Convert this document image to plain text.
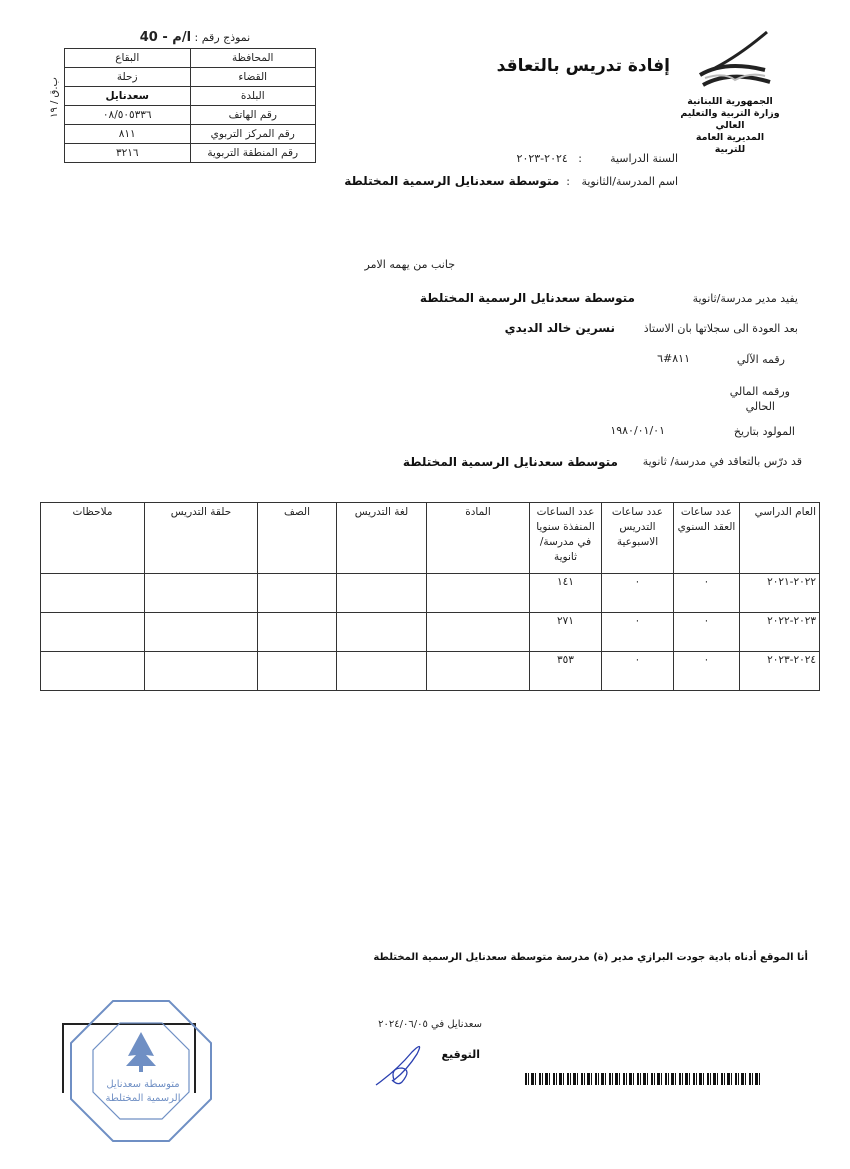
نموذج رقم : ا/م - 40
ب.ق / ١٩
المحافظة	البقاع
القضاء	زحلة
البلدة	سعدنايل
رقم الهاتف	٠٨/٥٠٥٣٣٦
رقم المركز التربوي	٨١١
رقم المنطقة التربوية	٣٢١٦
الجمهورية اللبنانية
وزارة التربية والتعليم العالي
المديرية العامة للتربية
إفادة تدريس بالتعاقد
السنة الدراسية
:   ٢٠٢٤-٢٠٢٣
اسم المدرسة/الثانوية
:  متوسطة سعدنايل الرسمية المختلطة
جانب من يهمه الامر
يفيد مدير مدرسة/ثانوية
متوسطة سعدنايل الرسمية المختلطة
بعد العودة الى سجلاتها بان الاستاذ
نسرين خالد الديدي
رقمه الآلي
٨١١#٦
ورقمه المالي
الحالي
المولود بتاريخ
١٩٨٠/٠١/٠١
قد درّس بالتعاقد في مدرسة/ ثانوية
متوسطة سعدنايل الرسمية المختلطة
العام الدراسي	عدد ساعات العقد السنوي	عدد ساعات التدريس الاسبوعية	عدد الساعات المنفذة سنويا في مدرسة/ثانوية	المادة	لغة التدريس	الصف	حلقة التدريس	ملاحظات
٢٠٢٢-٢٠٢١	٠	٠	١٤١					
٢٠٢٣-٢٠٢٢	٠	٠	٢٧١					
٢٠٢٤-٢٠٢٣	٠	٠	٣٥٣					
أنا الموقع أدناه بادية جودت البرازي مدير (ة) مدرسة متوسطة سعدنايل الرسمية المختلطة
سعدنايل في ٢٠٢٤/٠٦/٠٥
التوقيع
متوسطة سعدنايل
الرسمية المختلطة
